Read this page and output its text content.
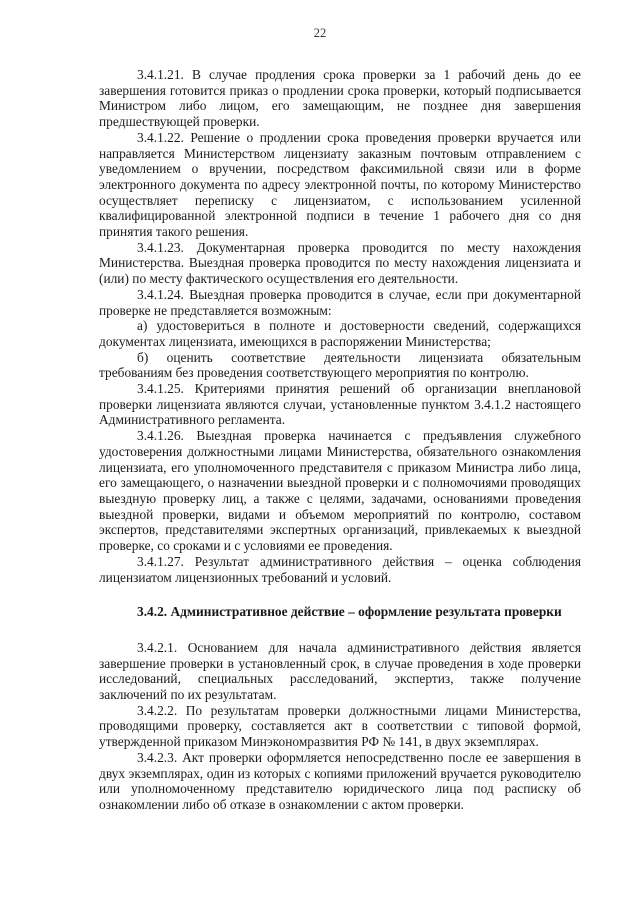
22

3.4.1.21. В случае продления срока проверки за 1 рабочий день до ее завершения готовится приказ о продлении срока проверки, который подписывается Министром либо лицом, его замещающим, не позднее дня завершения предшествующей проверки.

3.4.1.22. Решение о продлении срока проведения проверки вручается или направляется Министерством лицензиату заказным почтовым отправлением с уведомлением о вручении, посредством факсимильной связи или в форме электронного документа по адресу электронной почты, по которому Министерство осуществляет переписку с лицензиатом, с использованием усиленной квалифицированной электронной подписи в течение 1 рабочего дня со дня принятия такого решения.

3.4.1.23. Документарная проверка проводится по месту нахождения Министерства. Выездная проверка проводится по месту нахождения лицензиата и (или) по месту фактического осуществления его деятельности.

3.4.1.24. Выездная проверка проводится в случае, если при документарной проверке не представляется возможным:

а) удостовериться в полноте и достоверности сведений, содержащихся документах лицензиата, имеющихся в распоряжении Министерства;

б) оценить соответствие деятельности лицензиата обязательным требованиям без проведения соответствующего мероприятия по контролю.

3.4.1.25. Критериями принятия решений об организации внеплановой проверки лицензиата являются случаи, установленные пунктом 3.4.1.2 настоящего Административного регламента.

3.4.1.26. Выездная проверка начинается с предъявления служебного удостоверения должностными лицами Министерства, обязательного ознакомления лицензиата, его уполномоченного представителя с приказом Министра либо лица, его замещающего, о назначении выездной проверки и с полномочиями проводящих выездную проверку лиц, а также с целями, задачами, основаниями проведения выездной проверки, видами и объемом мероприятий по контролю, составом экспертов, представителями экспертных организаций, привлекаемых к выездной проверке, со сроками и с условиями ее проведения.

3.4.1.27. Результат административного действия – оценка соблюдения лицензиатом лицензионных требований и условий.

3.4.2. Административное действие – оформление результата проверки

3.4.2.1. Основанием для начала административного действия является завершение проверки в установленный срок, в случае проведения в ходе проверки исследований, специальных расследований, экспертиз, также получение заключений по их результатам.

3.4.2.2. По результатам проверки должностными лицами Министерства, проводящими проверку, составляется акт в соответствии с типовой формой, утвержденной приказом Минэкономразвития РФ № 141, в двух экземплярах.

3.4.2.3. Акт проверки оформляется непосредственно после ее завершения в двух экземплярах, один из которых с копиями приложений вручается руководителю или уполномоченному представителю юридического лица под расписку об ознакомлении либо об отказе в ознакомлении с актом проверки.
